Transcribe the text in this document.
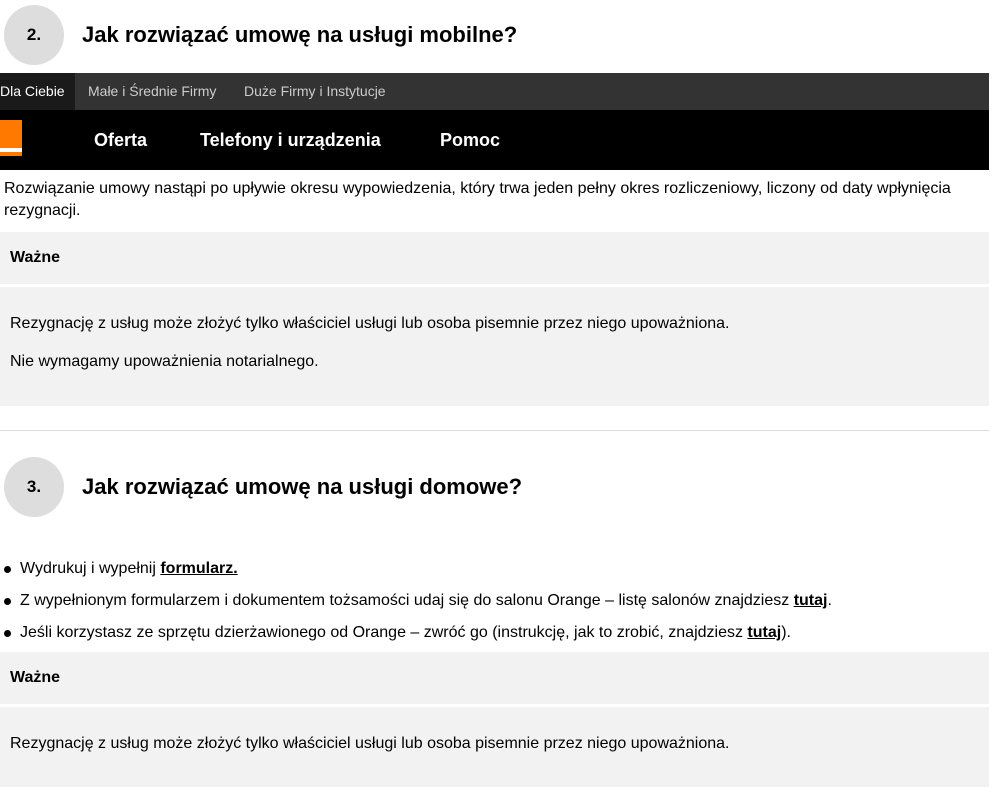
2.	Jak rozwiązać umowę na usługi mobilne?
Dla Ciebie	Małe i Średnie Firmy Duże Firmy i Instytucje
Oferta	Telefony i urządzenia	Pomoc

Rozwiązanie umowy nastąpi po upływie okresu wypowiedzenia, który trwa jeden pełny okres rozliczeniowy, liczony od daty wpłynięcia rezygnacji.

Ważne

Rezygnację z usług może złożyć tylko właściciel usługi lub osoba pisemnie przez niego upoważniona.

Nie wymagamy upoważnienia notarialnego.

3.	Jak rozwiązać umowę na usługi domowe?
Wydrukuj i wypełnij formularz.
Z wypełnionym formularzem i dokumentem tożsamości udaj się do salonu Orange – listę salonów znajdziesz tutaj.
Jeśli korzystasz ze sprzętu dzierżawionego od Orange – zwróć go (instrukcję, jak to zrobić, znajdziesz tutaj).
Ważne

Rezygnację z usług może złożyć tylko właściciel usługi lub osoba pisemnie przez niego upoważniona.
